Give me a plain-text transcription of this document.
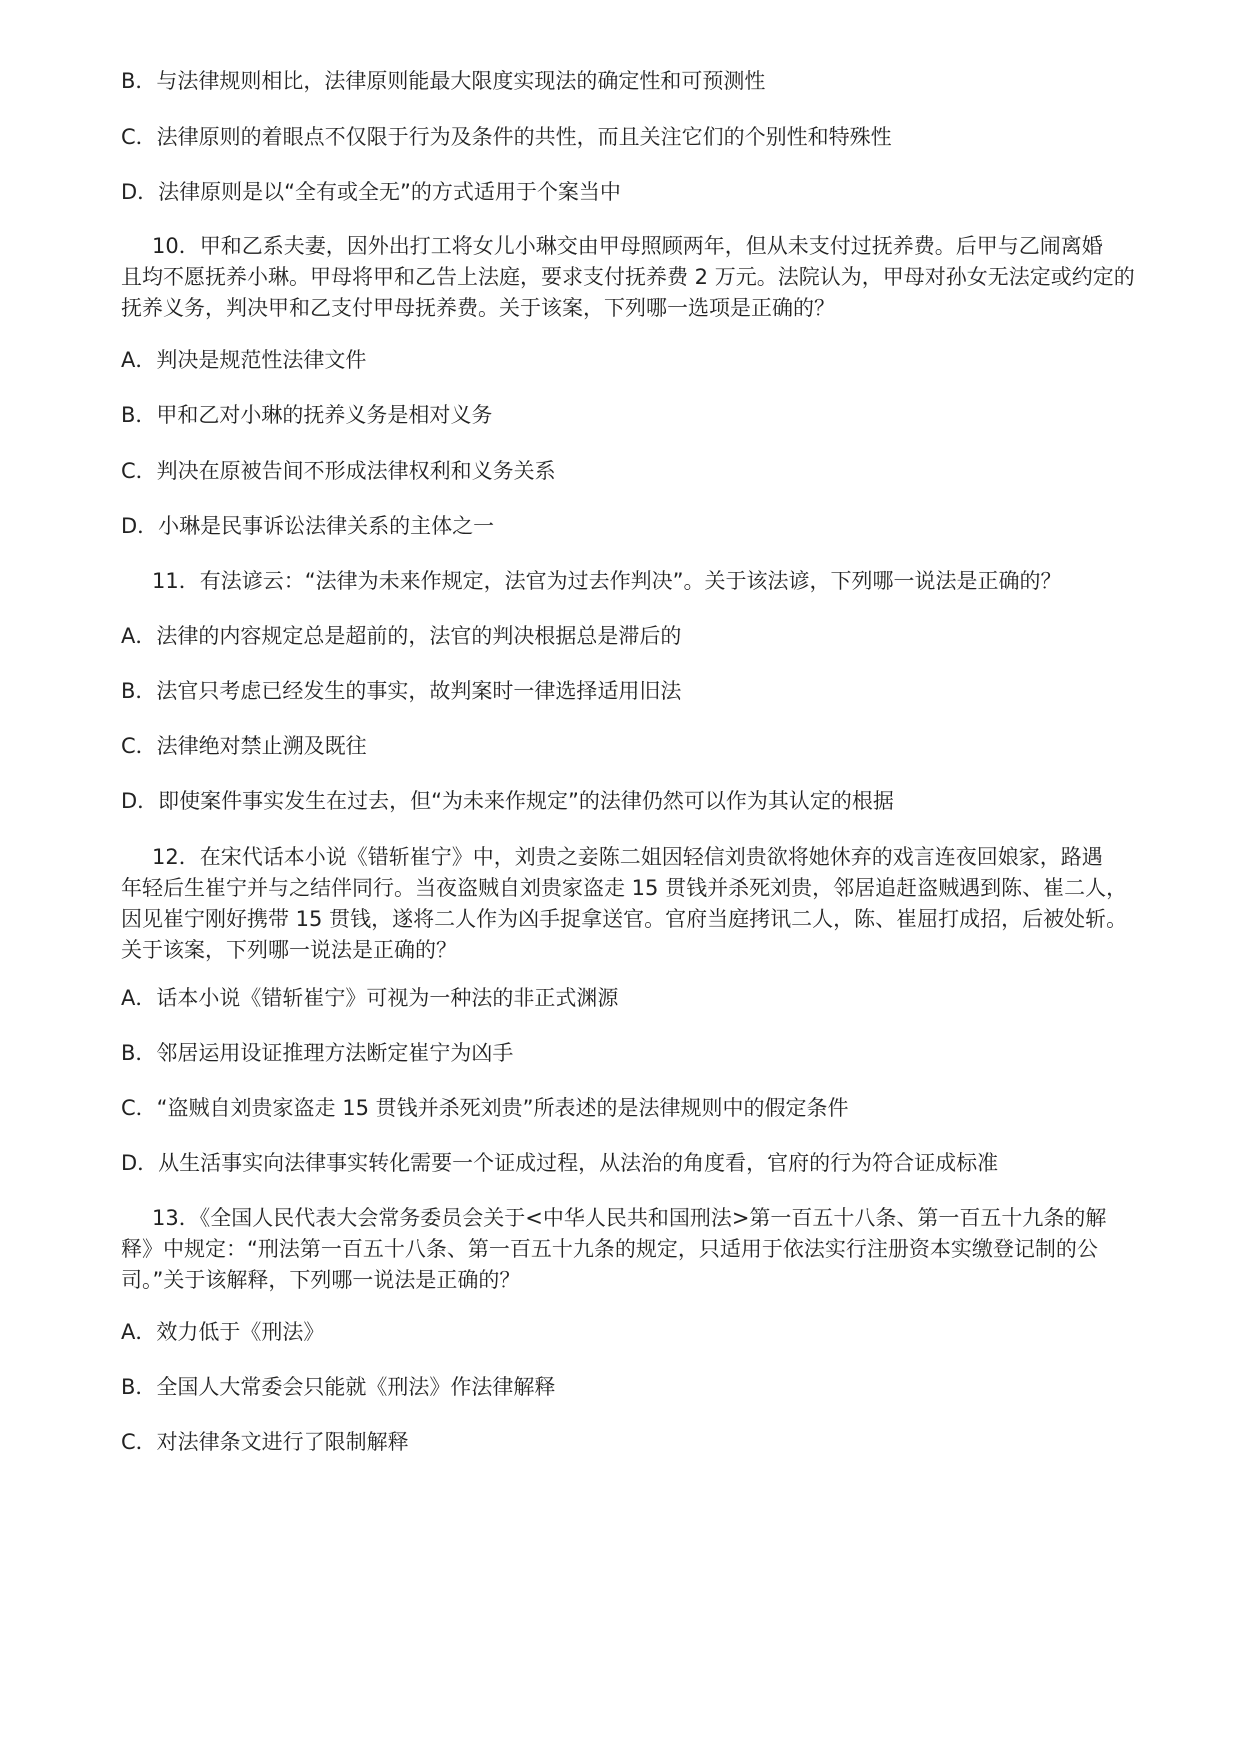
B．与法律规则相比，法律原则能最大限度实现法的确定性和可预测性
C．法律原则的着眼点不仅限于行为及条件的共性，而且关注它们的个别性和特殊性
D．法律原则是以“全有或全无”的方式适用于个案当中
10．甲和乙系夫妻，因外出打工将女儿小琳交由甲母照顾两年，但从未支付过抚养费。后甲与乙闹离婚
且均不愿抚养小琳。甲母将甲和乙告上法庭，要求支付抚养费 2 万元。法院认为，甲母对孙女无法定或约定的
抚养义务，判决甲和乙支付甲母抚养费。关于该案，下列哪一选项是正确的？
A．判决是规范性法律文件
B．甲和乙对小琳的抚养义务是相对义务
C．判决在原被告间不形成法律权利和义务关系
D．小琳是民事诉讼法律关系的主体之一
11．有法谚云：“法律为未来作规定，法官为过去作判决”。关于该法谚，下列哪一说法是正确的？
A．法律的内容规定总是超前的，法官的判决根据总是滞后的
B．法官只考虑已经发生的事实，故判案时一律选择适用旧法
C．法律绝对禁止溯及既往
D．即使案件事实发生在过去，但“为未来作规定”的法律仍然可以作为其认定的根据
12．在宋代话本小说《错斩崔宁》中，刘贵之妾陈二姐因轻信刘贵欲将她休弃的戏言连夜回娘家，路遇
年轻后生崔宁并与之结伴同行。当夜盗贼自刘贵家盗走 15 贯钱并杀死刘贵，邻居追赶盗贼遇到陈、崔二人，
因见崔宁刚好携带 15 贯钱，遂将二人作为凶手捉拿送官。官府当庭拷讯二人，陈、崔屈打成招，后被处斩。
关于该案，下列哪一说法是正确的？
A．话本小说《错斩崔宁》可视为一种法的非正式渊源
B．邻居运用设证推理方法断定崔宁为凶手
C．“盗贼自刘贵家盗走 15 贯钱并杀死刘贵”所表述的是法律规则中的假定条件
D．从生活事实向法律事实转化需要一个证成过程，从法治的角度看，官府的行为符合证成标准
13．《全国人民代表大会常务委员会关于<中华人民共和国刑法>第一百五十八条、第一百五十九条的解
释》中规定：“刑法第一百五十八条、第一百五十九条的规定，只适用于依法实行注册资本实缴登记制的公
司。”关于该解释，下列哪一说法是正确的？
A．效力低于《刑法》
B．全国人大常委会只能就《刑法》作法律解释
C．对法律条文进行了限制解释
